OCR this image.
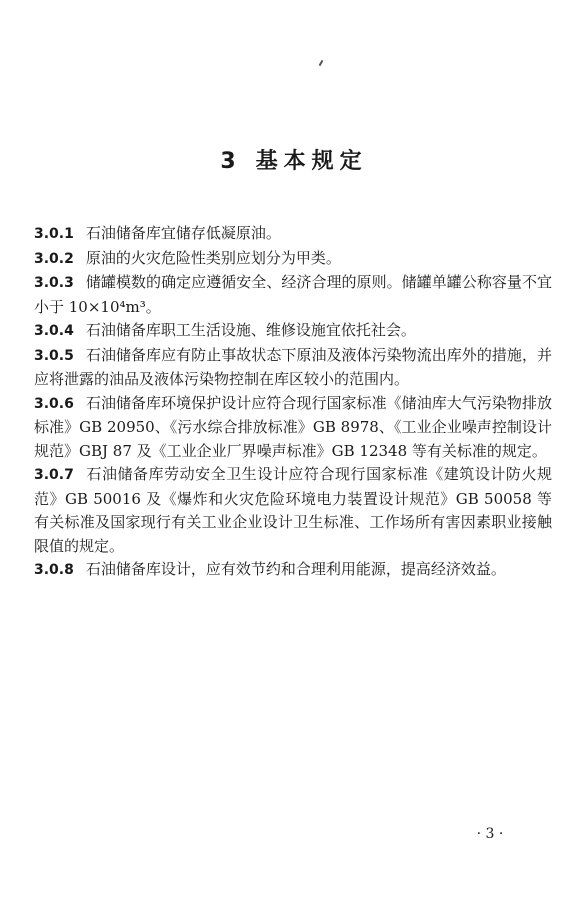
3 基本规定

3.0.1 石油储备库宜储存低凝原油。

3.0.2 原油的火灾危险性类别应划分为甲类。

3.0.3 储罐模数的确定应遵循安全、经济合理的原则。储罐单罐公称容量不宜小于 10×10⁴m³。

3.0.4 石油储备库职工生活设施、维修设施宜依托社会。

3.0.5 石油储备库应有防止事故状态下原油及液体污染物流出库外的措施，并应将泄露的油品及液体污染物控制在库区较小的范围内。

3.0.6 石油储备库环境保护设计应符合现行国家标准《储油库大气污染物排放标准》GB 20950、《污水综合排放标准》GB 8978、《工业企业噪声控制设计规范》GBJ 87 及《工业企业厂界噪声标准》GB 12348 等有关标准的规定。

3.0.7 石油储备库劳动安全卫生设计应符合现行国家标准《建筑设计防火规范》GB 50016 及《爆炸和火灾危险环境电力装置设计规范》GB 50058 等有关标准及国家现行有关工业企业设计卫生标准、工作场所有害因素职业接触限值的规定。

3.0.8 石油储备库设计，应有效节约和合理利用能源，提高经济效益。

· 3 ·
